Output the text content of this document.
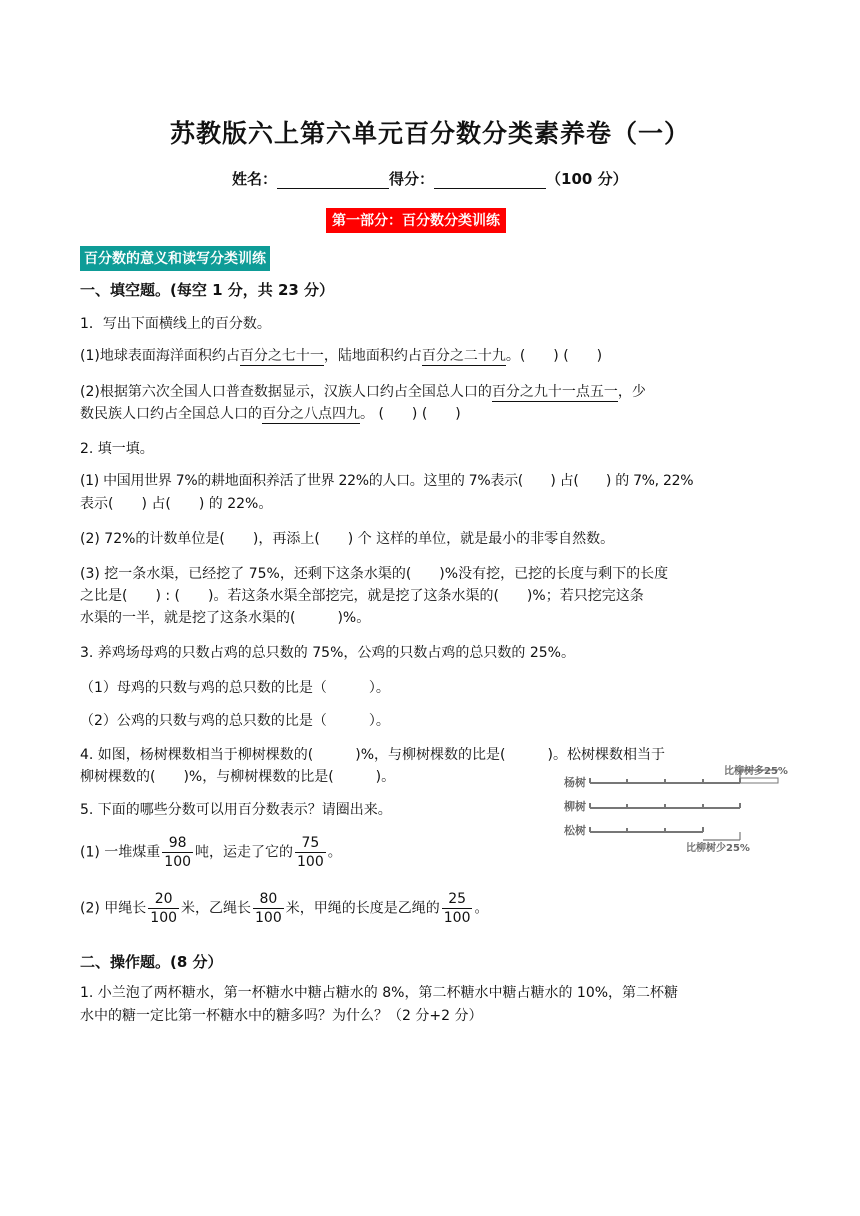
苏教版六上第六单元百分数分类素养卷（一）
姓名：	得分：	（100 分）
第一部分：百分数分类训练
百分数的意义和读写分类训练
一、填空题。(每空 1 分，共 23 分）
1．写出下面横线上的百分数。
(1)地球表面海洋面积约占百分之七十一，陆地面积约占百分之二十九。(　　) (　　)
(2)根据第六次全国人口普查数据显示，汉族人口约占全国总人口的百分之九十一点五一，少
数民族人口约占全国总人口的百分之八点四九。 (　　) (　　)
2. 填一填。
(1) 中国用世界 7%的耕地面积养活了世界 22%的人口。这里的 7%表示(　　) 占(　　) 的 7%, 22%
表示(　　) 占(　　) 的 22%。
(2) 72%的计数单位是(　　)，再添上(　　) 个 这样的单位，就是最小的非零自然数。
(3) 挖一条水渠，已经挖了 75%，还剩下这条水渠的(　　)%没有挖，已挖的长度与剩下的长度
之比是(　　) : (　　)。若这条水渠全部挖完，就是挖了这条水渠的(　　)%；若只挖完这条
水渠的一半，就是挖了这条水渠的(　　　)%。
3. 养鸡场母鸡的只数占鸡的总只数的 75%，公鸡的只数占鸡的总只数的 25%。
（1）母鸡的只数与鸡的总只数的比是（　　　）。
（2）公鸡的只数与鸡的总只数的比是（　　　）。
4. 如图，杨树棵数相当于柳树棵数的(　　　)%，与柳树棵数的比是(　　　)。松树棵数相当于
柳树棵数的(　　)%，与柳树棵数的比是(　　　)。	杨树
柳树
松树
比柳树多25%
比柳树少25%
5. 下面的哪些分数可以用百分数表示？请圈出来。
(1) 一堆煤重 $\frac{98}{100}$ 吨，运走了它的 $\frac{75}{100}$ 。
(2) 甲绳长 $\frac{20}{100}$ 米，乙绳长 $\frac{80}{100}$ 米，甲绳的长度是乙绳的 $\frac{25}{100}$ 。
二、操作题。(8 分）
1. 小兰泡了两杯糖水，第一杯糖水中糖占糖水的 8%，第二杯糖水中糖占糖水的 10%，第二杯糖
水中的糖一定比第一杯糖水中的糖多吗？为什么？（2 分+2 分）
